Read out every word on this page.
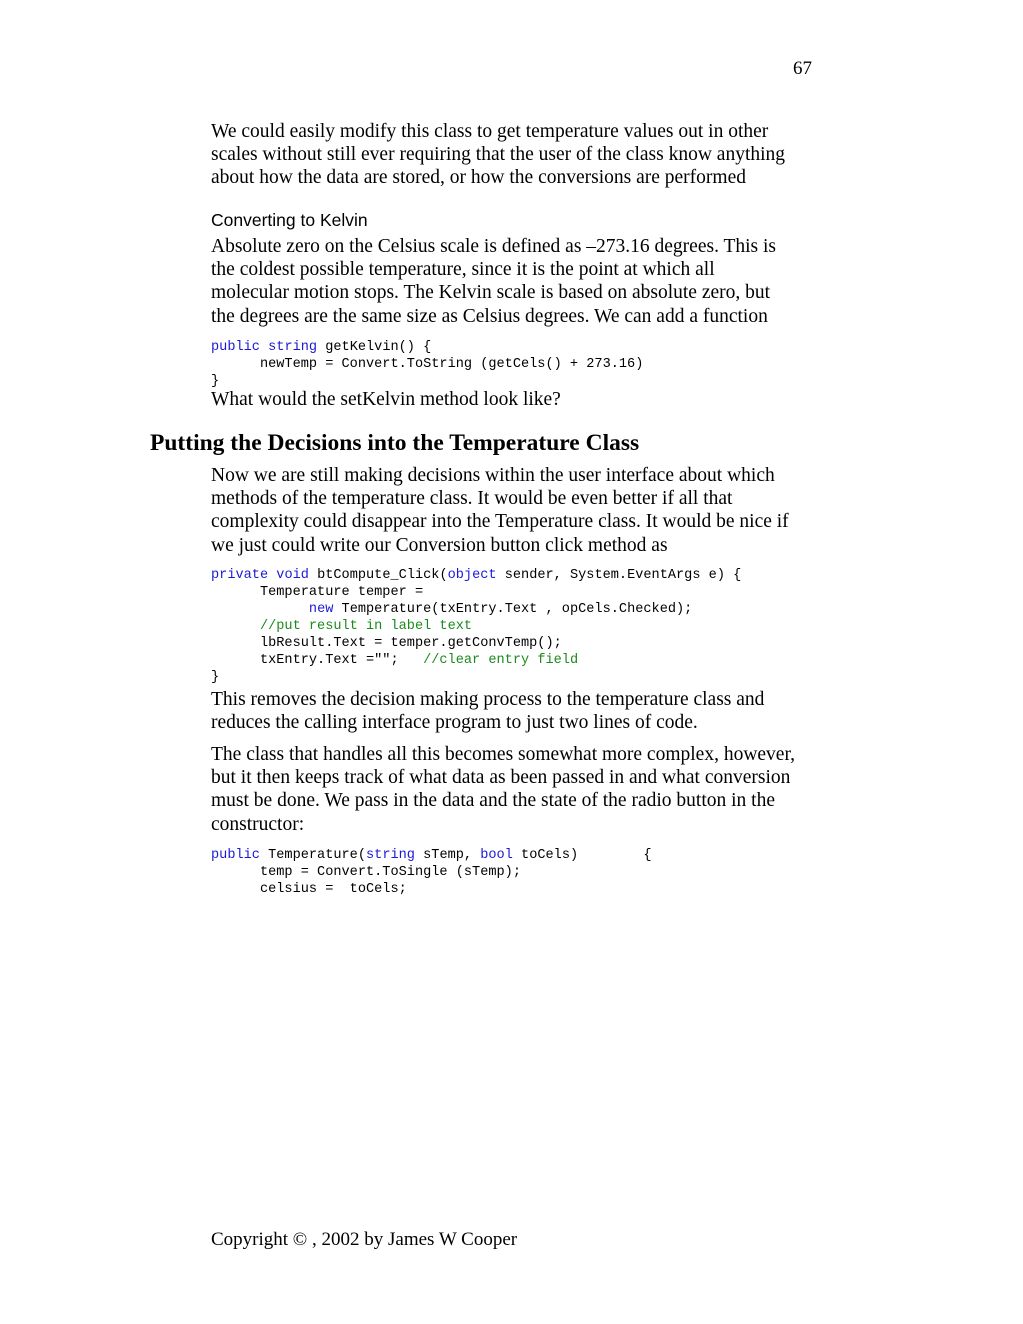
67

We could easily modify this class to get temperature values out in other

scales without still ever requiring that the user of the class know anything

about how the data are stored, or how the conversions are performed

Converting to Kelvin

Absolute zero on the Celsius scale is defined as –273.16 degrees. This is

the coldest possible temperature, since it is the point at which all

molecular motion stops. The Kelvin scale is based on absolute zero, but

the degrees are the same size as Celsius degrees. We can add a function

public string getKelvin() {
newTemp = Convert.ToString (getCels() + 273.16)
}

What would the setKelvin method look like?

Putting the Decisions into the Temperature Class

Now we are still making decisions within the user interface about which

methods of the temperature class. It would be even better if all that

complexity could disappear into the Temperature class. It would be nice if

we just could write our Conversion button click method as

private void btCompute_Click(object sender, System.EventArgs e) {
Temperature temper =
new Temperature(txEntry.Text , opCels.Checked);
//put result in label text
lbResult.Text = temper.getConvTemp();
txEntry.Text ="";   //clear entry field
}

This removes the decision making process to the temperature class and

reduces the calling interface program to just two lines of code.

The class that handles all this becomes somewhat more complex, however,

but it then keeps track of what data as been passed in and what conversion

must be done. We pass in the data and the state of the radio button in the

constructor:

public Temperature(string sTemp, bool toCels)        {
temp = Convert.ToSingle (sTemp);
celsius =  toCels;
Copyright © , 2002 by James W Cooper
